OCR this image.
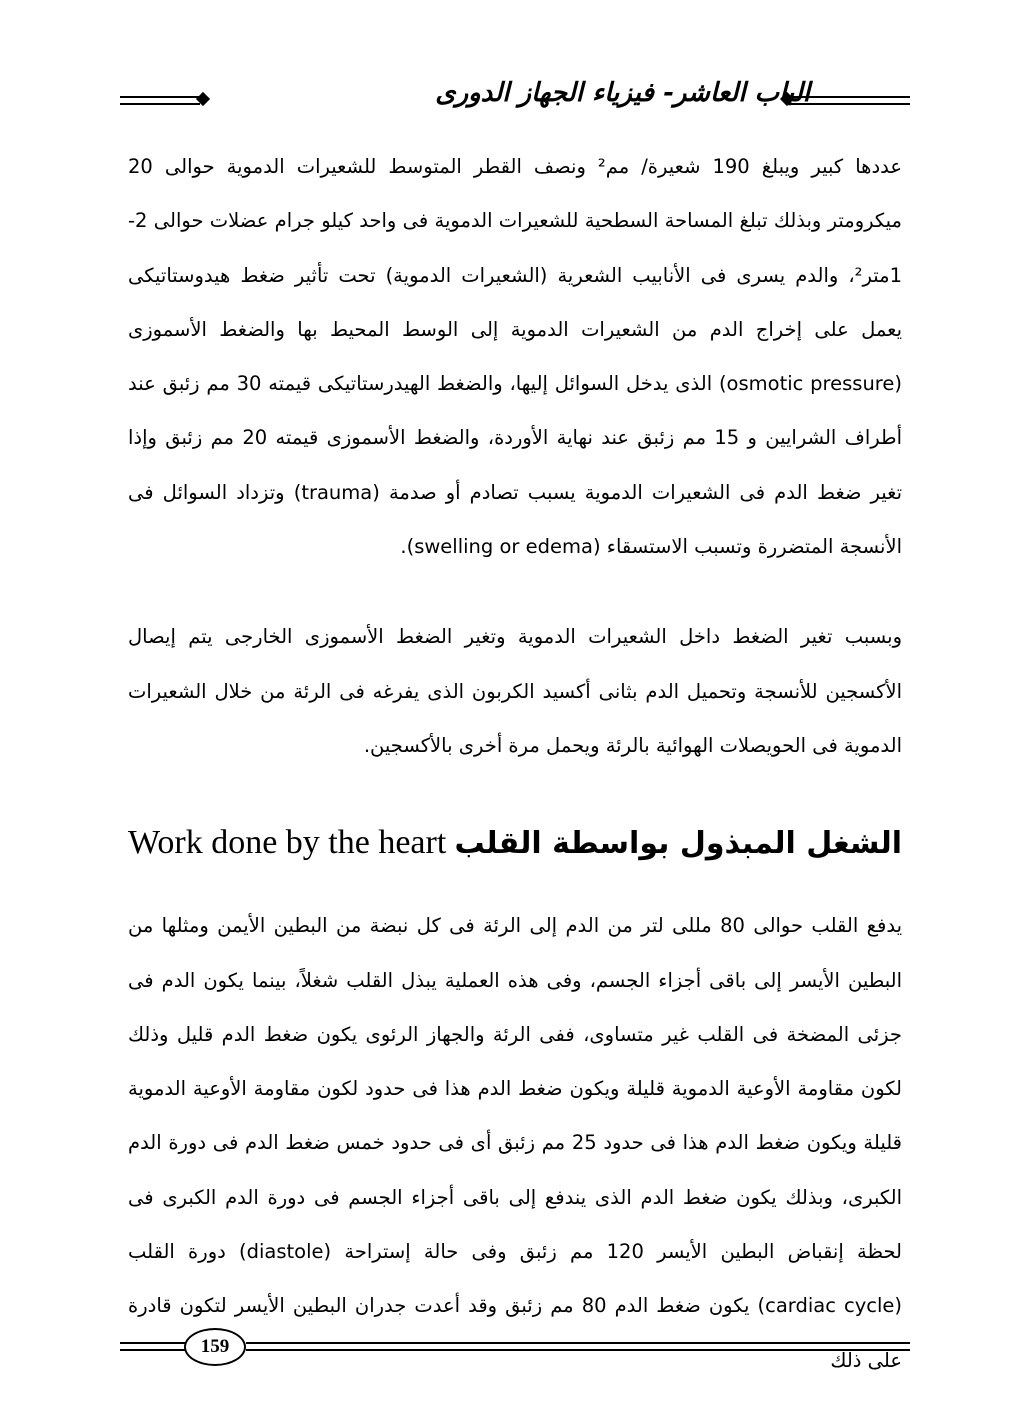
الباب العاشر- فيزياء الجهاز الدورى

عددها كبير ويبلغ 190 شعيرة/ مم² ونصف القطر المتوسط للشعيرات الدموية حوالى 20 ميكرومتر وبذلك تبلغ المساحة السطحية للشعيرات الدموية فى واحد كيلو جرام عضلات حوالى 2-1متر²، والدم يسرى فى الأنابيب الشعرية (الشعيرات الدموية) تحت تأثير ضغط هيدوستاتيكى يعمل على إخراج الدم من الشعيرات الدموية إلى الوسط المحيط بها والضغط الأسموزى (osmotic pressure) الذى يدخل السوائل إليها، والضغط الهيدرستاتيكى قيمته 30 مم زئبق عند أطراف الشرايين و 15 مم زئبق عند نهاية الأوردة، والضغط الأسموزى قيمته 20 مم زئبق وإذا تغير ضغط الدم فى الشعيرات الدموية يسبب تصادم أو صدمة (trauma) وتزداد السوائل فى الأنسجة المتضررة وتسبب الاستسقاء (swelling or edema).

وبسبب تغير الضغط داخل الشعيرات الدموية وتغير الضغط الأسموزى الخارجى يتم إيصال الأكسجين للأنسجة وتحميل الدم بثانى أكسيد الكربون الذى يفرغه فى الرئة من خلال الشعيرات الدموية فى الحويصلات الهوائية بالرئة ويحمل مرة أخرى بالأكسجين.

الشغل المبذول بواسطة القلب
Work done by the heart

يدفع القلب حوالى 80 مللى لتر من الدم إلى الرئة فى كل نبضة من البطين الأيمن ومثلها من البطين الأيسر إلى باقى أجزاء الجسم، وفى هذه العملية يبذل القلب شغلاً، بينما يكون الدم فى جزئى المضخة فى القلب غير متساوى، ففى الرئة والجهاز الرئوى يكون ضغط الدم قليل وذلك لكون مقاومة الأوعية الدموية قليلة ويكون ضغط الدم هذا فى حدود لكون مقاومة الأوعية الدموية قليلة ويكون ضغط الدم هذا فى حدود 25 مم زئبق أى فى حدود خمس ضغط الدم فى دورة الدم الكبرى، وبذلك يكون ضغط الدم الذى يندفع إلى باقى أجزاء الجسم فى دورة الدم الكبرى فى لحظة إنقباض البطين الأيسر 120 مم زئبق وفى حالة إستراحة (diastole) دورة القلب (cardiac cycle) يكون ضغط الدم 80 مم زئبق وقد أعدت جدران البطين الأيسر لتكون قادرة على ذلك

159
